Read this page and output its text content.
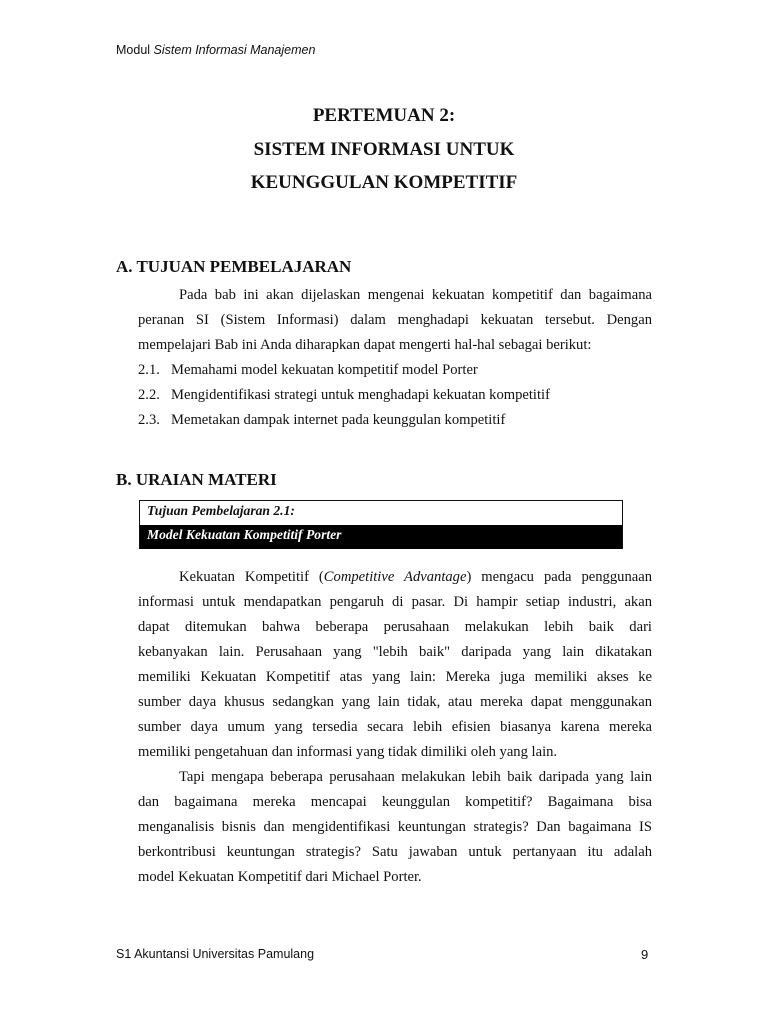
Modul Sistem Informasi Manajemen
PERTEMUAN 2:
SISTEM INFORMASI UNTUK
KEUNGGULAN KOMPETITIF
A. TUJUAN PEMBELAJARAN
Pada bab ini akan dijelaskan mengenai kekuatan kompetitif dan bagaimana
peranan SI (Sistem Informasi) dalam menghadapi kekuatan tersebut. Dengan
mempelajari Bab ini Anda diharapkan dapat mengerti hal-hal sebagai berikut:
2.1. Memahami model kekuatan kompetitif model Porter
2.2. Mengidentifikasi strategi untuk menghadapi kekuatan kompetitif
2.3. Memetakan dampak internet pada keunggulan kompetitif
B. URAIAN MATERI
Tujuan Pembelajaran 2.1:
Model Kekuatan Kompetitif Porter
Kekuatan Kompetitif (Competitive Advantage) mengacu pada penggunaan
informasi untuk mendapatkan pengaruh di pasar. Di hampir setiap industri, akan
dapat ditemukan bahwa beberapa perusahaan melakukan lebih baik dari
kebanyakan lain. Perusahaan yang "lebih baik" daripada yang lain dikatakan
memiliki Kekuatan Kompetitif atas yang lain: Mereka juga memiliki akses ke
sumber daya khusus sedangkan yang lain tidak, atau mereka dapat menggunakan
sumber daya umum yang tersedia secara lebih efisien biasanya karena mereka
memiliki pengetahuan dan informasi yang tidak dimiliki oleh yang lain.
Tapi mengapa beberapa perusahaan melakukan lebih baik daripada yang lain
dan bagaimana mereka mencapai keunggulan kompetitif? Bagaimana bisa
menganalisis bisnis dan mengidentifikasi keuntungan strategis? Dan bagaimana IS
berkontribusi keuntungan strategis? Satu jawaban untuk pertanyaan itu adalah
model Kekuatan Kompetitif dari Michael Porter.
S1 Akuntansi Universitas Pamulang	9
